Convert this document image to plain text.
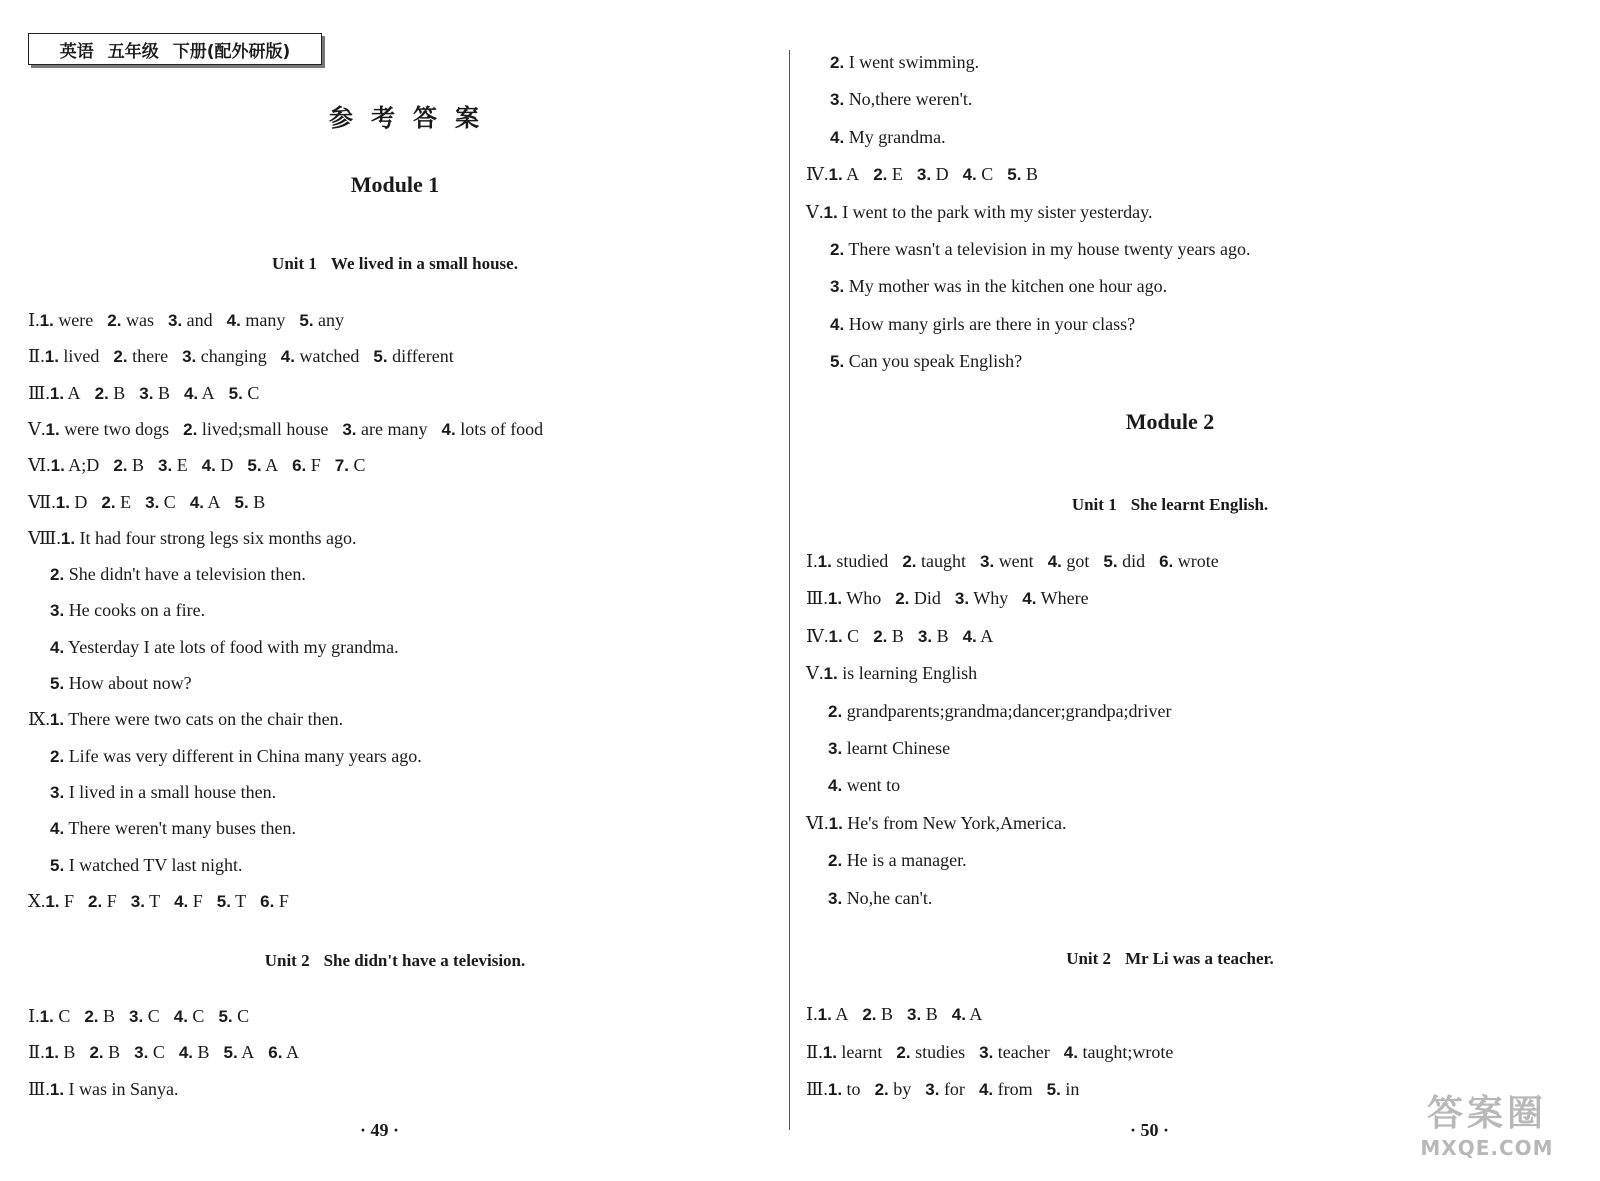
英语 五年级 下册(配外研版)
参考答案
Module 1
Unit 1 We lived in a small house.
Ⅰ.1. were 2. was 3. and 4. many 5. any
Ⅱ.1. lived 2. there 3. changing 4. watched 5. different
Ⅲ.1. A 2. B 3. B 4. A 5. C
Ⅴ.1. were two dogs 2. lived;small house 3. are many 4. lots of food
Ⅵ.1. A;D 2. B 3. E 4. D 5. A 6. F 7. C
Ⅶ.1. D 2. E 3. C 4. A 5. B
Ⅷ.1. It had four strong legs six months ago.
2. She didn't have a television then.
3. He cooks on a fire.
4. Yesterday I ate lots of food with my grandma.
5. How about now?
Ⅸ.1. There were two cats on the chair then.
2. Life was very different in China many years ago.
3. I lived in a small house then.
4. There weren't many buses then.
5. I watched TV last night.
Ⅹ.1. F 2. F 3. T 4. F 5. T 6. F
Unit 2 She didn't have a television.
Ⅰ.1. C 2. B 3. C 4. C 5. C
Ⅱ.1. B 2. B 3. C 4. B 5. A 6. A
Ⅲ.1. I was in Sanya.
· 49 ·
2. I went swimming.
3. No,there weren't.
4. My grandma.
Ⅳ.1. A 2. E 3. D 4. C 5. B
Ⅴ.1. I went to the park with my sister yesterday.
2. There wasn't a television in my house twenty years ago.
3. My mother was in the kitchen one hour ago.
4. How many girls are there in your class?
5. Can you speak English?
Module 2
Unit 1 She learnt English.
Ⅰ.1. studied 2. taught 3. went 4. got 5. did 6. wrote
Ⅲ.1. Who 2. Did 3. Why 4. Where
Ⅳ.1. C 2. B 3. B 4. A
Ⅴ.1. is learning English
2. grandparents;grandma;dancer;grandpa;driver
3. learnt Chinese
4. went to
Ⅵ.1. He's from New York,America.
2. He is a manager.
3. No,he can't.
Unit 2 Mr Li was a teacher.
Ⅰ.1. A 2. B 3. B 4. A
Ⅱ.1. learnt 2. studies 3. teacher 4. taught;wrote
Ⅲ.1. to 2. by 3. for 4. from 5. in
· 50 ·	答案圈
MXQE.COM
